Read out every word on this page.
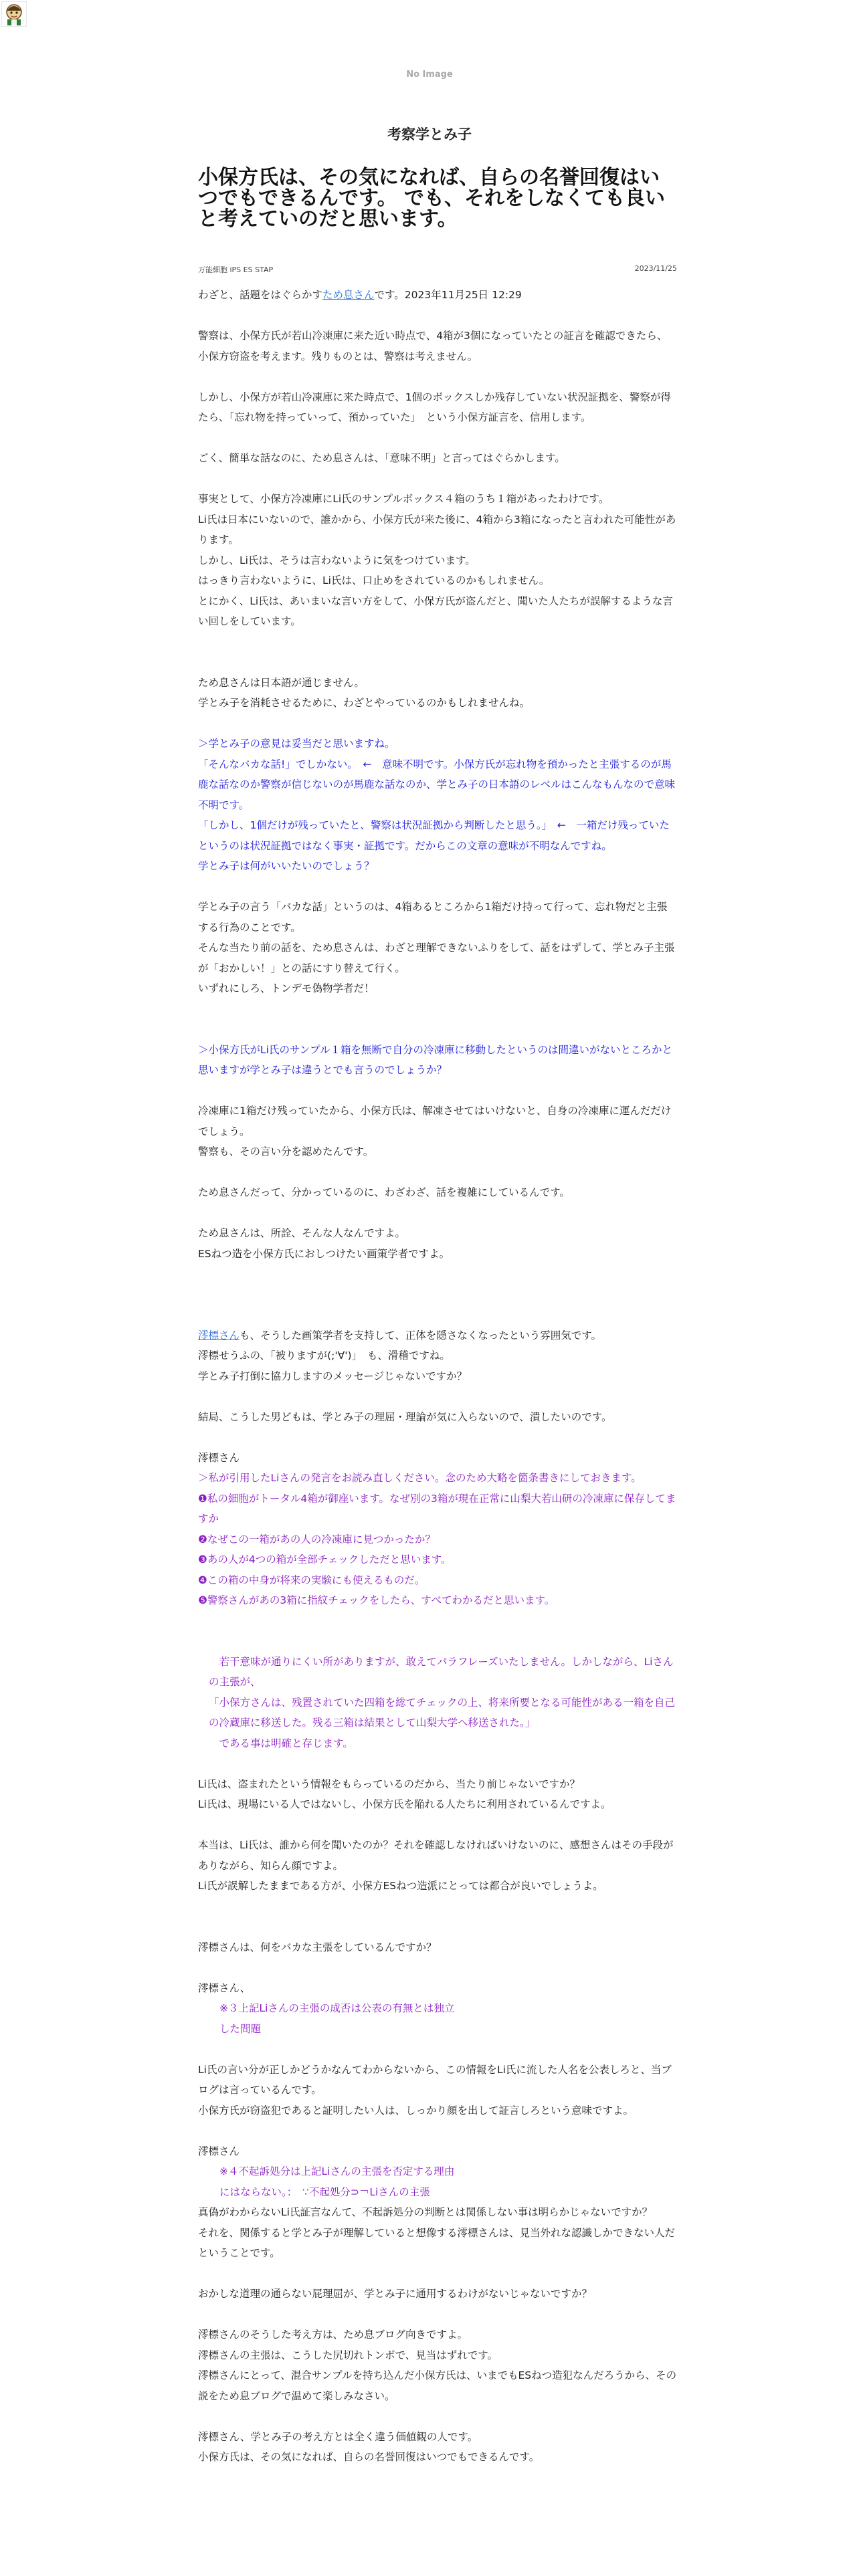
No Image
考察学とみ子
小保方氏は、その気になれば、自らの名誉回復はいつでもできるんです。 でも、それをしなくても良いと考えていのだと思います。
万能細胞 iPS ES STAP	2023/11/25
わざと、話題をはぐらかすため息さんです。2023年11月25日 12:29
警察は、小保方氏が若山冷凍庫に来た近い時点で、4箱が3個になっていたとの証言を確認できたら、小保方窃盗を考えます。残りものとは、警察は考えません。
しかし、小保方が若山冷凍庫に来た時点で、1個のボックスしか残存していない状況証拠を、警察が得たら、「忘れ物を持っていって、預かっていた」　という小保方証言を、信用します。
ごく、簡単な話なのに、ため息さんは、「意味不明」と言ってはぐらかします。
事実として、小保方冷凍庫にLi氏のサンプルボックス４箱のうち１箱があったわけです。
Li氏は日本にいないので、誰かから、小保方氏が来た後に、4箱から3箱になったと言われた可能性があります。
しかし、Li氏は、そうは言わないように気をつけています。
はっきり言わないように、Li氏は、口止めをされているのかもしれません。
とにかく、Li氏は、あいまいな言い方をして、小保方氏が盗んだと、聞いた人たちが誤解するような言い回しをしています。
ため息さんは日本語が通じません。
学とみ子を消耗させるために、わざとやっているのかもしれませんね。
＞学とみ子の意見は妥当だと思いますね。
「そんなバカな話!」でしかない。　←　意味不明です。小保方氏が忘れ物を預かったと主張するのが馬鹿な話なのか警察が信じないのが馬鹿な話なのか、学とみ子の日本語のレベルはこんなもんなので意味不明です。
「しかし、1個だけが残っていたと、警察は状況証拠から判断したと思う。」　←　一箱だけ残っていたというのは状況証拠ではなく事実・証拠です。だからこの文章の意味が不明なんですね。
学とみ子は何がいいたいのでしょう？
学とみ子の言う「バカな話」というのは、4箱あるところから1箱だけ持って行って、忘れ物だと主張する行為のことです。
そんな当たり前の話を、ため息さんは、わざと理解できないふりをして、話をはずして、学とみ子主張が「おかしい！」との話にすり替えて行く。
いずれにしろ、トンデモ偽物学者だ！
＞小保方氏がLi氏のサンプル１箱を無断で自分の冷凍庫に移動したというのは間違いがないところかと思いますが学とみ子は違うとでも言うのでしょうか？
冷凍庫に1箱だけ残っていたから、小保方氏は、解凍させてはいけないと、自身の冷凍庫に運んだだけでしょう。
警察も、その言い分を認めたんです。
ため息さんだって、分かっているのに、わざわざ、話を複雑にしているんです。
ため息さんは、所詮、そんな人なんですよ。
ESねつ造を小保方氏におしつけたい画策学者ですよ。
澪標さんも、そうした画策学者を支持して、正体を隠さなくなったという雰囲気です。
澪標せうふの、「被りますが(;'∀')」　も、滑稽ですね。
学とみ子打倒に協力しますのメッセージじゃないですか？
結局、こうした男どもは、学とみ子の理屈・理論が気に入らないので、潰したいのです。
澪標さん
＞私が引用したLiさんの発言をお読み直しください。念のため大略を箇条書きにしておきます。
❶私の細胞がトータル4箱が御座います。なぜ別の3箱が現在正常に山梨大若山研の冷凍庫に保存してますか
❷なぜこの一箱があの人の冷凍庫に見つかったか？
❸あの人が4つの箱が全部チェックしただと思います。
❹この箱の中身が将来の実験にも使えるものだ。
❺警察さんがあの3箱に指紋チェックをしたら、すべてわかるだと思います。
　若干意味が通りにくい所がありますが、敢えてパラフレーズいたしません。しかしながら、Liさんの主張が、
「小保方さんは、残置されていた四箱を総てチェックの上、将来所要となる可能性がある一箱を自己の冷蔵庫に移送した。残る三箱は結果として山梨大学へ移送された。」
　である事は明確と存じます。
Li氏は、盗まれたという情報をもらっているのだから、当たり前じゃないですか？
Li氏は、現場にいる人ではないし、小保方氏を陥れる人たちに利用されているんですよ。
本当は、Li氏は、誰から何を聞いたのか？それを確認しなければいけないのに、感想さんはその手段がありながら、知らん顔ですよ。
Li氏が誤解したままである方が、小保方ESねつ造派にとっては都合が良いでしょうよ。
澪標さんは、何をバカな主張をしているんですか？
澪標さん、
※３上記Liさんの主張の成否は公表の有無とは独立
した問題
Li氏の言い分が正しかどうかなんてわからないから、この情報をLi氏に流した人名を公表しろと、当ブログは言っているんです。
小保方氏が窃盗犯であると証明したい人は、しっかり顔を出して証言しろという意味ですよ。
澪標さん
※４不起訴処分は上記Liさんの主張を否定する理由
にはならない。：　∵不起処分⊃￢Liさんの主張
真偽がわからないLi氏証言なんて、不起訴処分の判断とは関係しない事は明らかじゃないですか？
それを、関係すると学とみ子が理解していると想像する澪標さんは、見当外れな認識しかできない人だということです。
おかしな道理の通らない屁理屈が、学とみ子に通用するわけがないじゃないですか？
澪標さんのそうした考え方は、ため息ブログ向きですよ。
澪標さんの主張は、こうした尻切れトンボで、見当はずれです。
澪標さんにとって、混合サンプルを持ち込んだ小保方氏は、いまでもESねつ造犯なんだろうから、その説をため息ブログで温めて楽しみなさい。
澪標さん、学とみ子の考え方とは全く違う価値観の人です。
小保方氏は、その気になれば、自らの名誉回復はいつでもできるんです。
